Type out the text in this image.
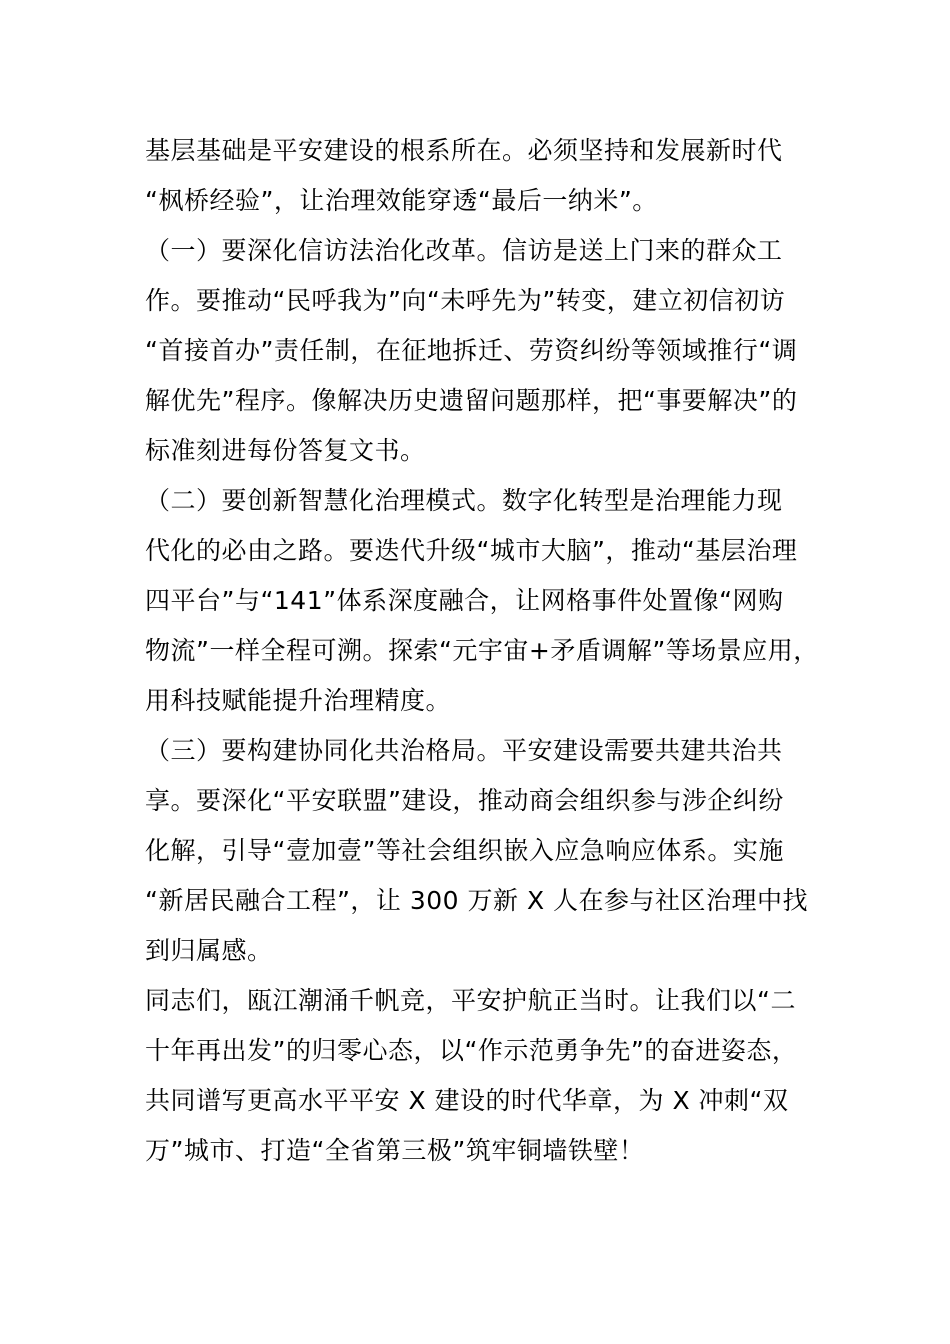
基层基础是平安建设的根系所在。必须坚持和发展新时代
“枫桥经验”，让治理效能穿透“最后一纳米”。
（一）要深化信访法治化改革。信访是送上门来的群众工
作。要推动“民呼我为”向“未呼先为”转变，建立初信初访
“首接首办”责任制，在征地拆迁、劳资纠纷等领域推行“调
解优先”程序。像解决历史遗留问题那样，把“事要解决”的
标准刻进每份答复文书。
（二）要创新智慧化治理模式。数字化转型是治理能力现
代化的必由之路。要迭代升级“城市大脑”，推动“基层治理
四平台”与“141”体系深度融合，让网格事件处置像“网购
物流”一样全程可溯。探索“元宇宙+矛盾调解”等场景应用，
用科技赋能提升治理精度。
（三）要构建协同化共治格局。平安建设需要共建共治共
享。要深化“平安联盟”建设，推动商会组织参与涉企纠纷
化解，引导“壹加壹”等社会组织嵌入应急响应体系。实施
“新居民融合工程”，让 300 万新 X 人在参与社区治理中找
到归属感。
同志们，瓯江潮涌千帆竞，平安护航正当时。让我们以“二
十年再出发”的归零心态，以“作示范勇争先”的奋进姿态，
共同谱写更高水平平安 X 建设的时代华章，为 X 冲刺“双
万”城市、打造“全省第三极”筑牢铜墙铁壁！
